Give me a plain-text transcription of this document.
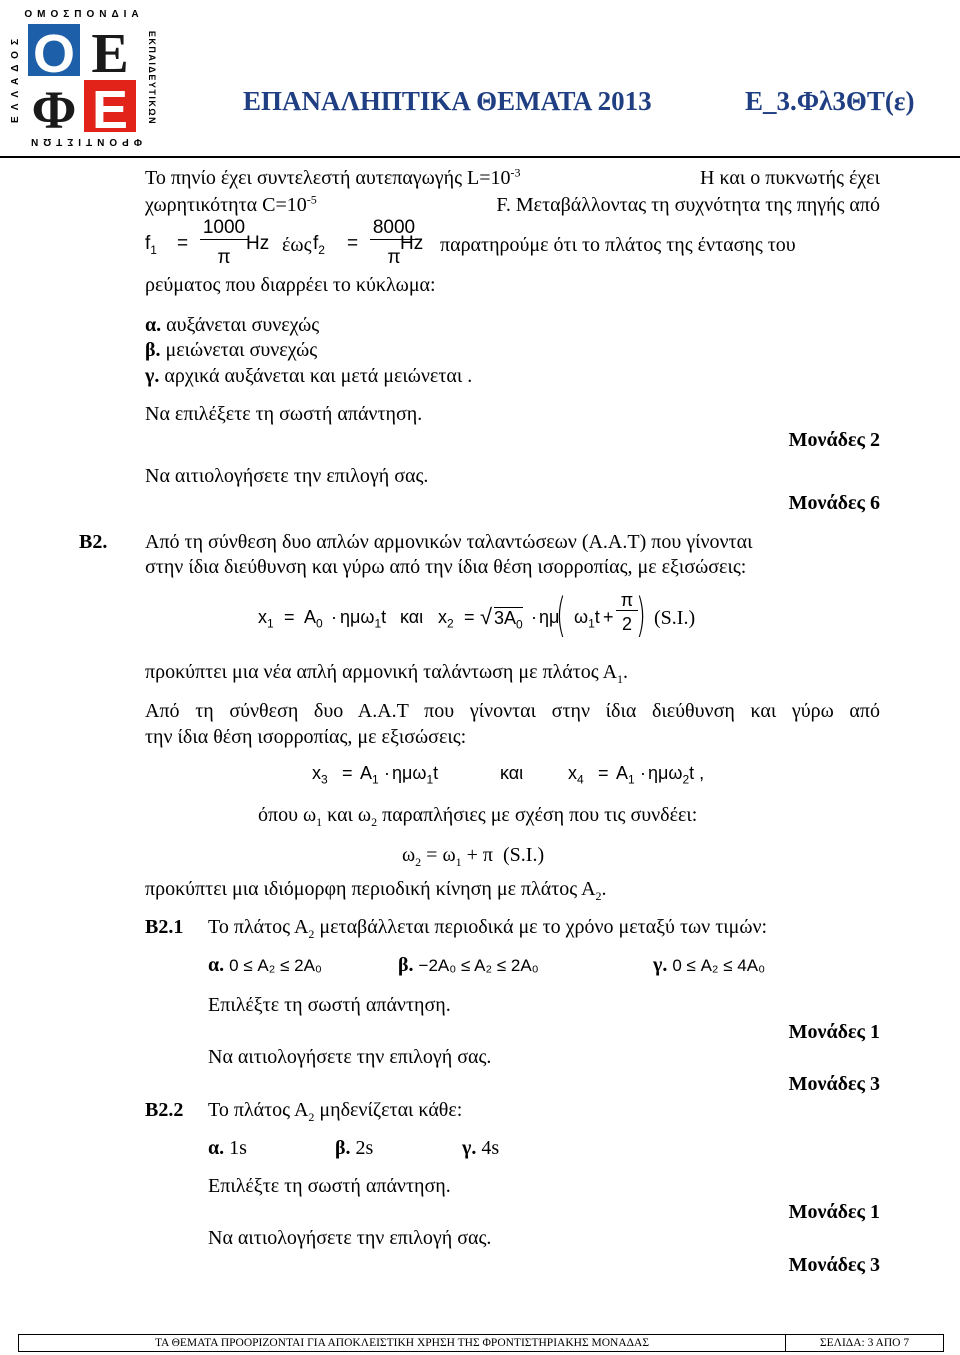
Ο Ε
Φ Ε
ΟΜΟΣΠΟΝΔΙΑ
ΦΡΟΝΤΙΣΤΩΝ
ΕΛΛΑΔΟΣ	ΕΚΠΑΙΔΕΥΤΙΚΩΝ	ΕΠΑΝΑΛΗΠΤΙΚΑ ΘΕΜΑΤΑ 2013	Ε_3.Φλ3ΘΤ(ε)
Το πηνίο έχει συντελεστή αυτεπαγωγής $L=10^{-3}$	H και ο πυκνωτής έχει
χωρητικότητα $C=10^{-5}$	F. Μεταβάλλοντας τη συχνότητα της πηγής από
$f_1$ =
1000
π
Hz έως $f_2$ =
8000
π
Hz παρατηρούμε ότι το πλάτος της έντασης του
ρεύματος που διαρρέει το κύκλωμα:
α. αυξάνεται συνεχώς
β. μειώνεται συνεχώς
γ. αρχικά αυξάνεται και μετά μειώνεται .
Να επιλέξετε τη σωστή απάντηση.
Μονάδες 2
Να αιτιολογήσετε την επιλογή σας.
Μονάδες 6
Β2. Από τη σύνθεση δυο απλών αρμονικών ταλαντώσεων (Α.Α.Τ) που γίνονται
στην ίδια διεύθυνση και γύρω από την ίδια θέση ισορροπίας, με εξισώσεις:
$x_1 = A_0 \cdot \eta\mu\omega_1t$ και $x_2$ = √ $3A_0 \cdot \eta\mu$
( $\omega_1t$ +
π
2 ) (S.I.)
προκύπτει μια νέα απλή αρμονική ταλάντωση με πλάτος $A_1$.
Από τη σύνθεση δυο Α.Α.Τ που γίνονται στην ίδια διεύθυνση και γύρω από
την ίδια θέση ισορροπίας, με εξισώσεις:
$x_3 = A_1 \cdot \eta\mu\omega_1t$	και $x_4 = A_1 \cdot \eta\mu\omega_2t$ ,
όπου $\omega_1$ και $\omega_2$ παραπλήσιες με σχέση που τις συνδέει:
$\omega_2 = \omega_1 + \pi$  (S.I.)
προκύπτει μια ιδιόμορφη περιοδική κίνηση με πλάτος $A_2$.
Β2.1 Το πλάτος $A_2$ μεταβάλλεται περιοδικά με το χρόνο μεταξύ των τιμών:
α. 0 ≤ A₂ ≤ 2A₀	β. −2A₀ ≤ A₂ ≤ 2A₀	γ. 0 ≤ A₂ ≤ 4A₀
Επιλέξτε τη σωστή απάντηση.
Μονάδες 1
Να αιτιολογήσετε την επιλογή σας.
Μονάδες 3
Β2.2 Το πλάτος $A_2$ μηδενίζεται κάθε:
α. 1s	β. 2s	γ. 4s
Επιλέξτε τη σωστή απάντηση.
Μονάδες 1
Να αιτιολογήσετε την επιλογή σας.
Μονάδες 3
ΤΑ ΘΕΜΑΤΑ ΠΡΟΟΡΙΖΟΝΤΑΙ ΓΙΑ ΑΠΟΚΛΕΙΣΤΙΚΗ ΧΡΗΣΗ ΤΗΣ ΦΡΟΝΤΙΣΤΗΡΙΑΚΗΣ ΜΟΝΑΔΑΣ	ΣΕΛΙΔΑ: 3 ΑΠΟ 7
